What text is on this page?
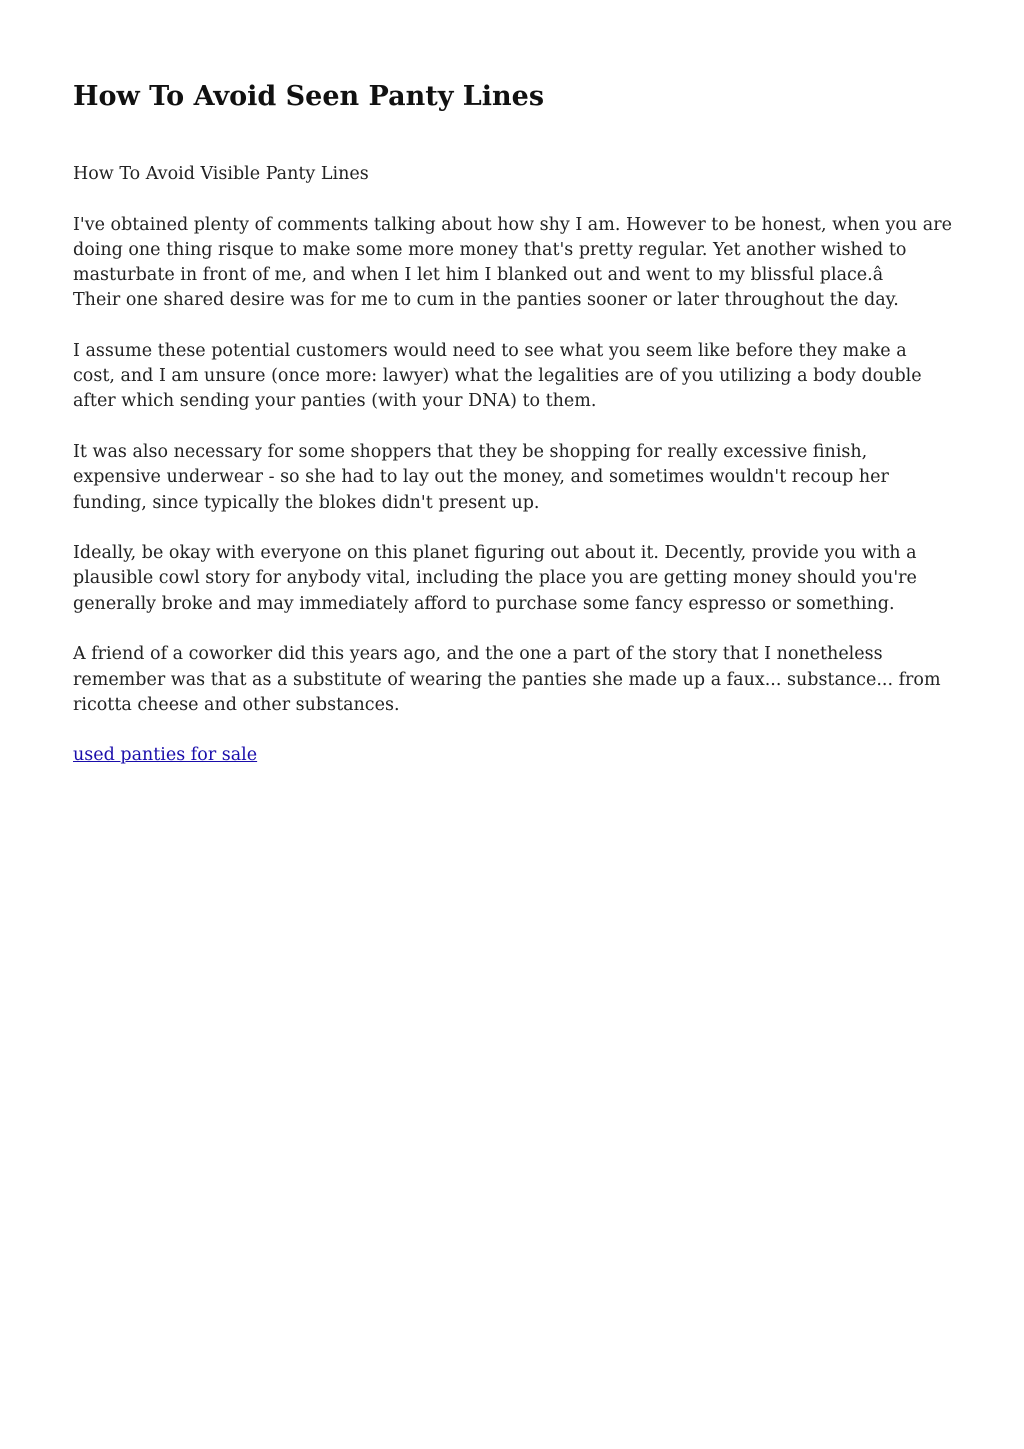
How To Avoid Seen Panty Lines

How To Avoid Visible Panty Lines

I've obtained plenty of comments talking about how shy I am. However to be honest, when you are doing one thing risque to make some more money that's pretty regular. Yet another wished to masturbate in front of me, and when I let him I blanked out and went to my blissful place.â Their one shared desire was for me to cum in the panties sooner or later throughout the day.

I assume these potential customers would need to see what you seem like before they make a cost, and I am unsure (once more: lawyer) what the legalities are of you utilizing a body double after which sending your panties (with your DNA) to them.

It was also necessary for some shoppers that they be shopping for really excessive finish, expensive underwear - so she had to lay out the money, and sometimes wouldn't recoup her funding, since typically the blokes didn't present up.

Ideally, be okay with everyone on this planet figuring out about it. Decently, provide you with a plausible cowl story for anybody vital, including the place you are getting money should you're generally broke and may immediately afford to purchase some fancy espresso or something.

A friend of a coworker did this years ago, and the one a part of the story that I nonetheless remember was that as a substitute of wearing the panties she made up a faux... substance... from ricotta cheese and other substances.

used panties for sale
